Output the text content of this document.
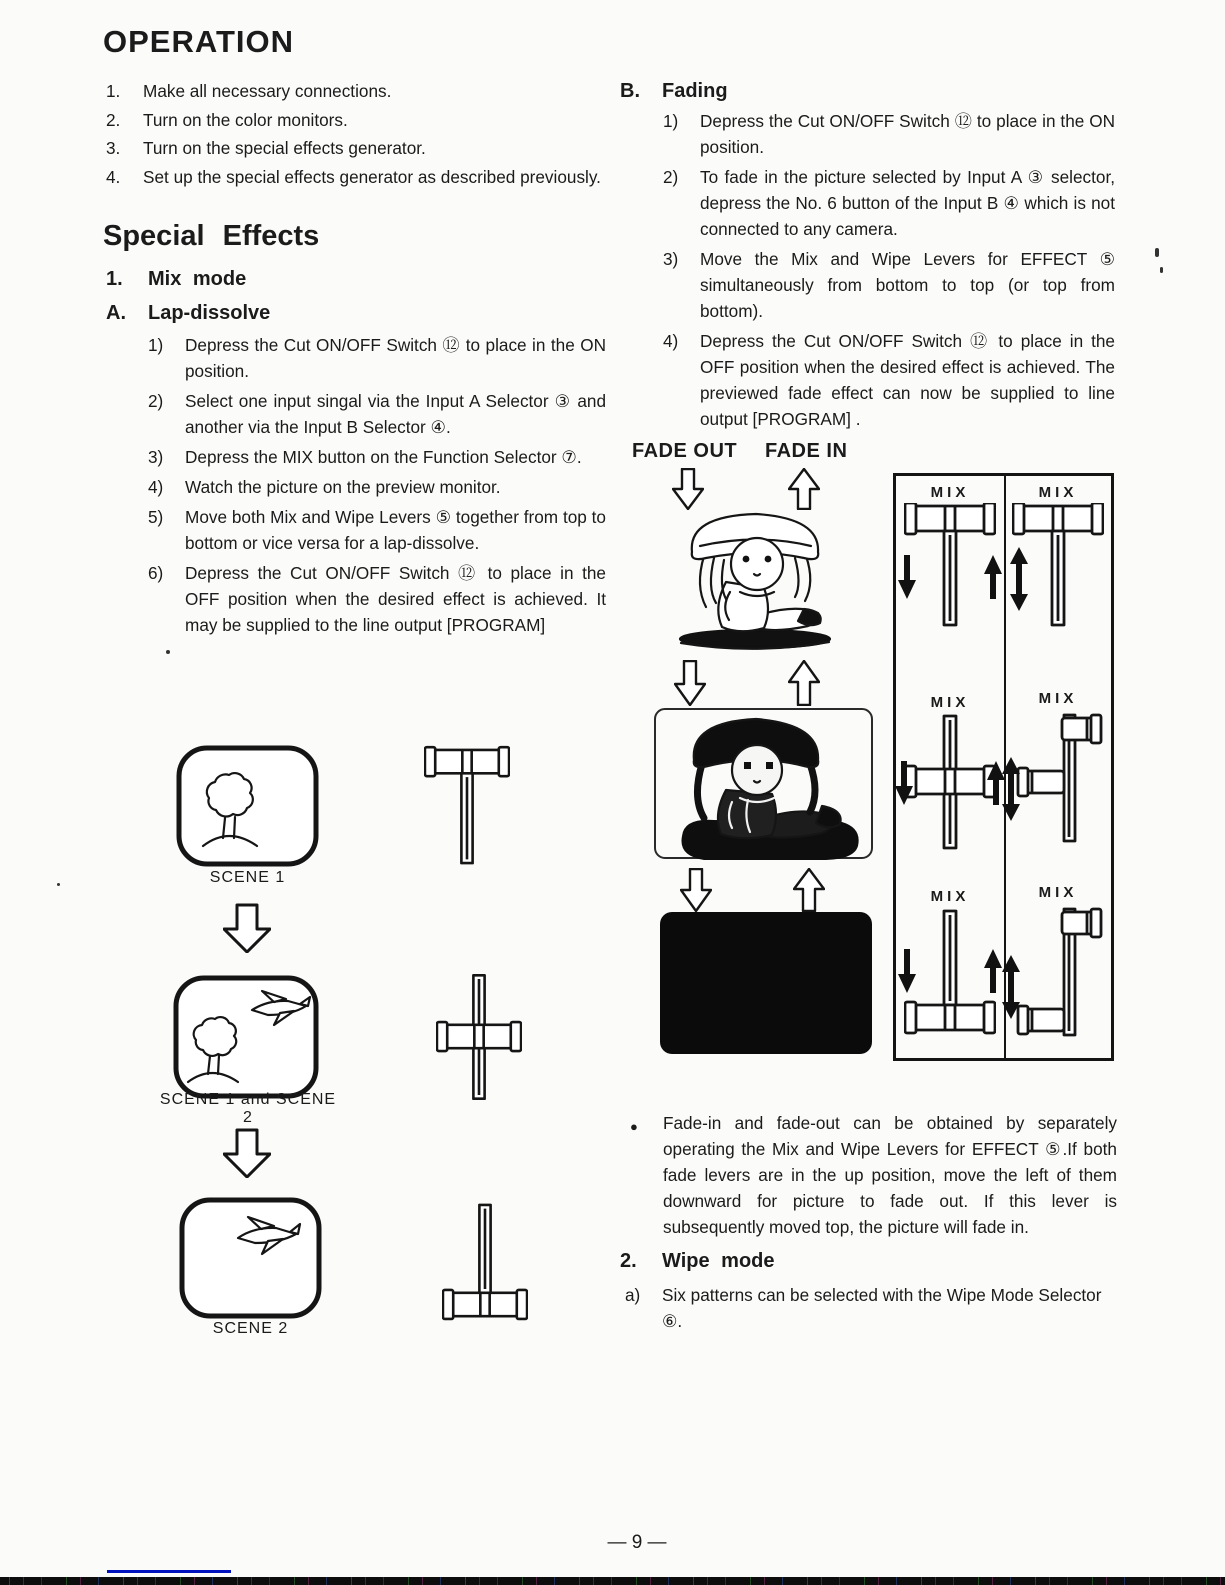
OPERATION
1.	Make all necessary connections.
2.	Turn on the color monitors.
3.	Turn on the special effects generator.
4.	Set up the special effects generator as described previously.
Special Effects
1.	Mix mode
A.	Lap-dissolve
1)	Depress the Cut ON/OFF Switch ⑫ to place in the ON position.
2)	Select one input singal via the Input A Selector ③ and another via the Input B Selector ④.
3)	Depress the MIX button on the Function Selector ⑦.
4)	Watch the picture on the preview monitor.
5)	Move both Mix and Wipe Levers ⑤ together from top to bottom or vice versa for a lap-dissolve.
6)	Depress the Cut ON/OFF Switch ⑫ to place in the OFF position when the desired effect is achieved. It may be supplied to the line output [PROGRAM]
B.	Fading
1)	Depress the Cut ON/OFF Switch ⑫ to place in the ON position.
2)	To fade in the picture selected by Input A ③ selector, depress the No. 6 button of the Input B ④ which is not connected to any camera.
3)	Move the Mix and Wipe Levers for EFFECT ⑤ simultaneously from bottom to top (or top from bottom).
4)	Depress the Cut ON/OFF Switch ⑫ to place in the OFF position when the desired effect is achieved. The previewed fade effect can now be supplied to line output [PROGRAM] .
FADE OUT FADE IN
MIX	MIX
MIX	MIX
MIX	MIX
SCENE 1
SCENE 1 and SCENE 2
SCENE 2
●	Fade-in and fade-out can be obtained by separately operating the Mix and Wipe Levers for EFFECT ⑤.If both fade levers are in the up position, move the left of them downward for picture to fade out. If this lever is subsequently moved top, the picture will fade in.
2.	Wipe mode
a)	Six patterns can be selected with the Wipe Mode Selector ⑥.
— 9 —
